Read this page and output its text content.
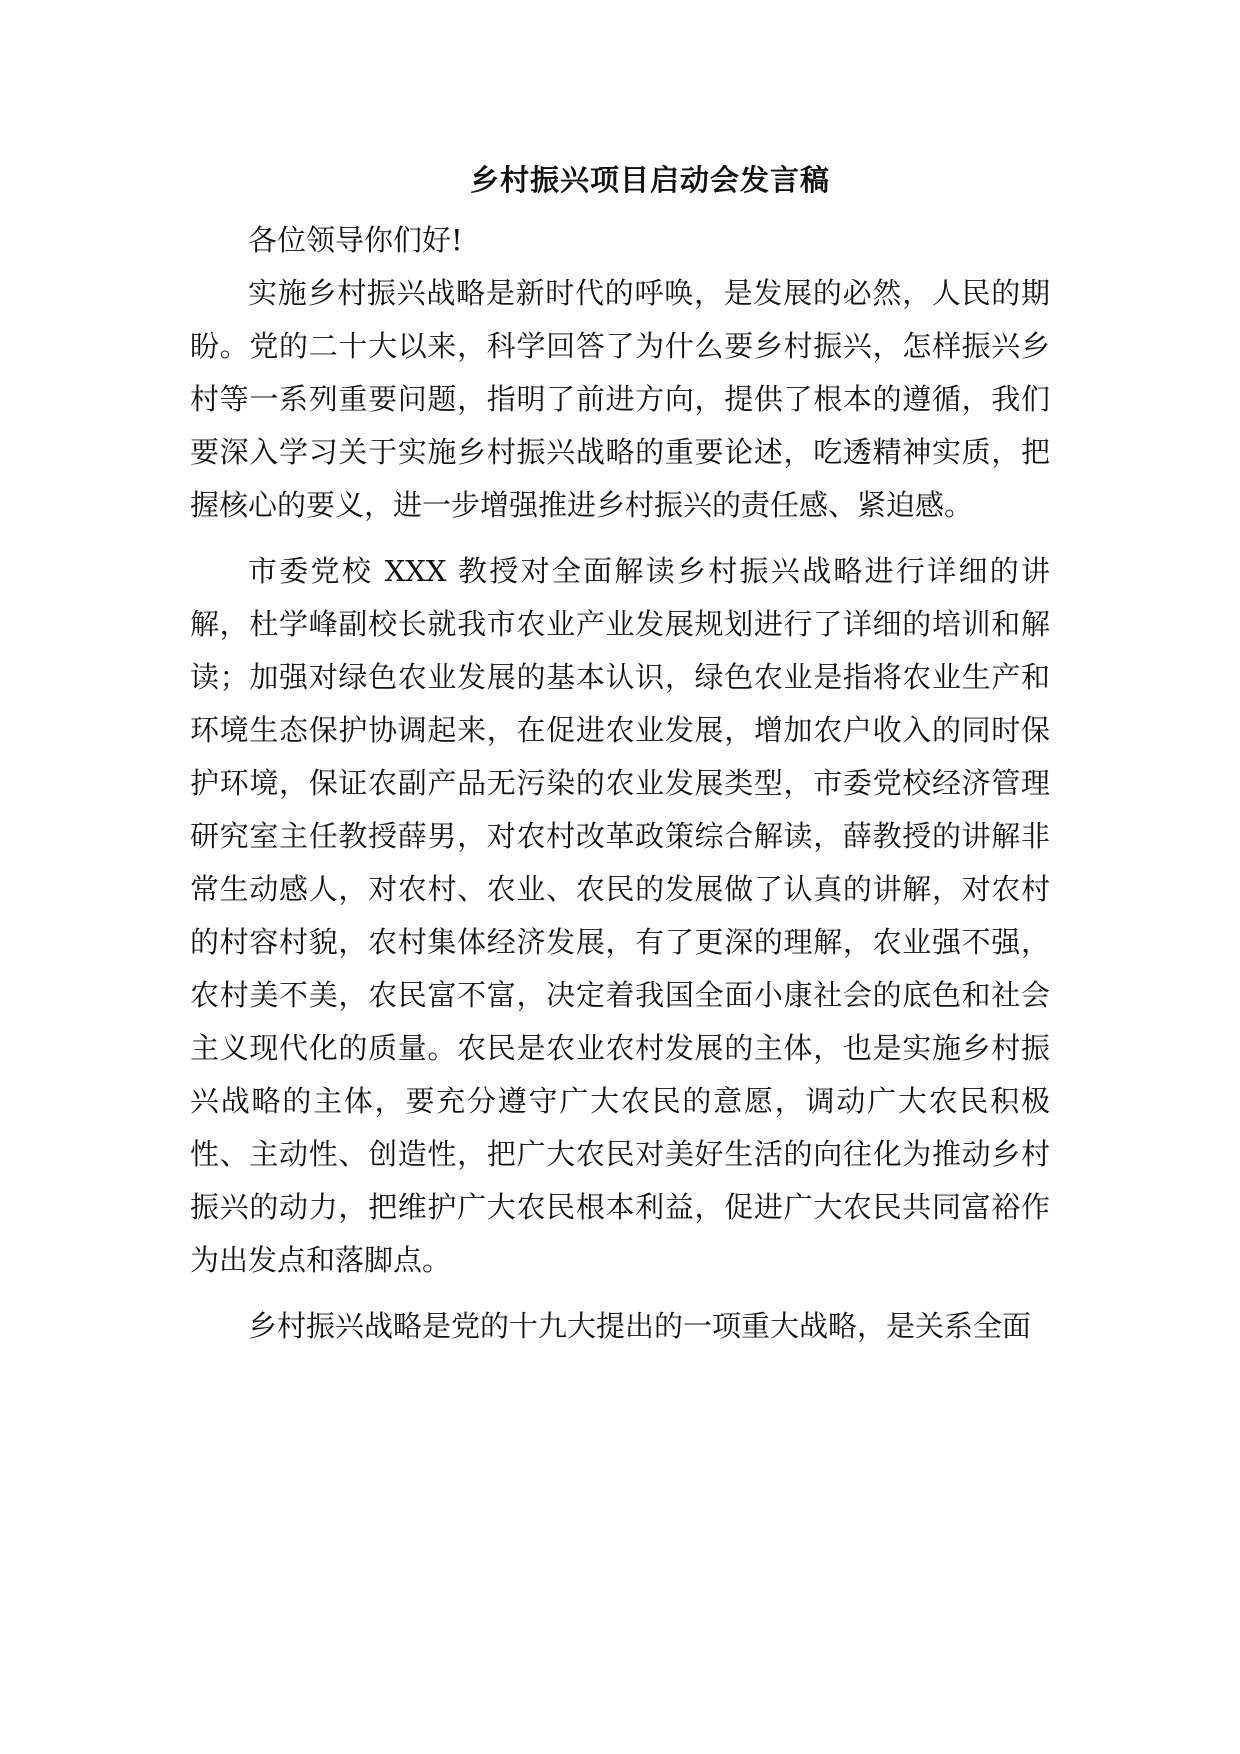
乡村振兴项目启动会发言稿

各位领导你们好!

实施乡村振兴战略是新时代的呼唤，是发展的必然，人民的期盼。党的二十大以来，科学回答了为什么要乡村振兴，怎样振兴乡村等一系列重要问题，指明了前进方向，提供了根本的遵循，我们要深入学习关于实施乡村振兴战略的重要论述，吃透精神实质，把握核心的要义，进一步增强推进乡村振兴的责任感、紧迫感。

市委党校 XXX 教授对全面解读乡村振兴战略进行详细的讲解，杜学峰副校长就我市农业产业发展规划进行了详细的培训和解读；加强对绿色农业发展的基本认识，绿色农业是指将农业生产和环境生态保护协调起来，在促进农业发展，增加农户收入的同时保护环境，保证农副产品无污染的农业发展类型，市委党校经济管理研究室主任教授薛男，对农村改革政策综合解读，薛教授的讲解非常生动感人，对农村、农业、农民的发展做了认真的讲解，对农村的村容村貌，农村集体经济发展，有了更深的理解，农业强不强，农村美不美，农民富不富，决定着我国全面小康社会的底色和社会主义现代化的质量。农民是农业农村发展的主体，也是实施乡村振兴战略的主体，要充分遵守广大农民的意愿，调动广大农民积极性、主动性、创造性，把广大农民对美好生活的向往化为推动乡村振兴的动力，把维护广大农民根本利益，促进广大农民共同富裕作为出发点和落脚点。

乡村振兴战略是党的十九大提出的一项重大战略，是关系全面
